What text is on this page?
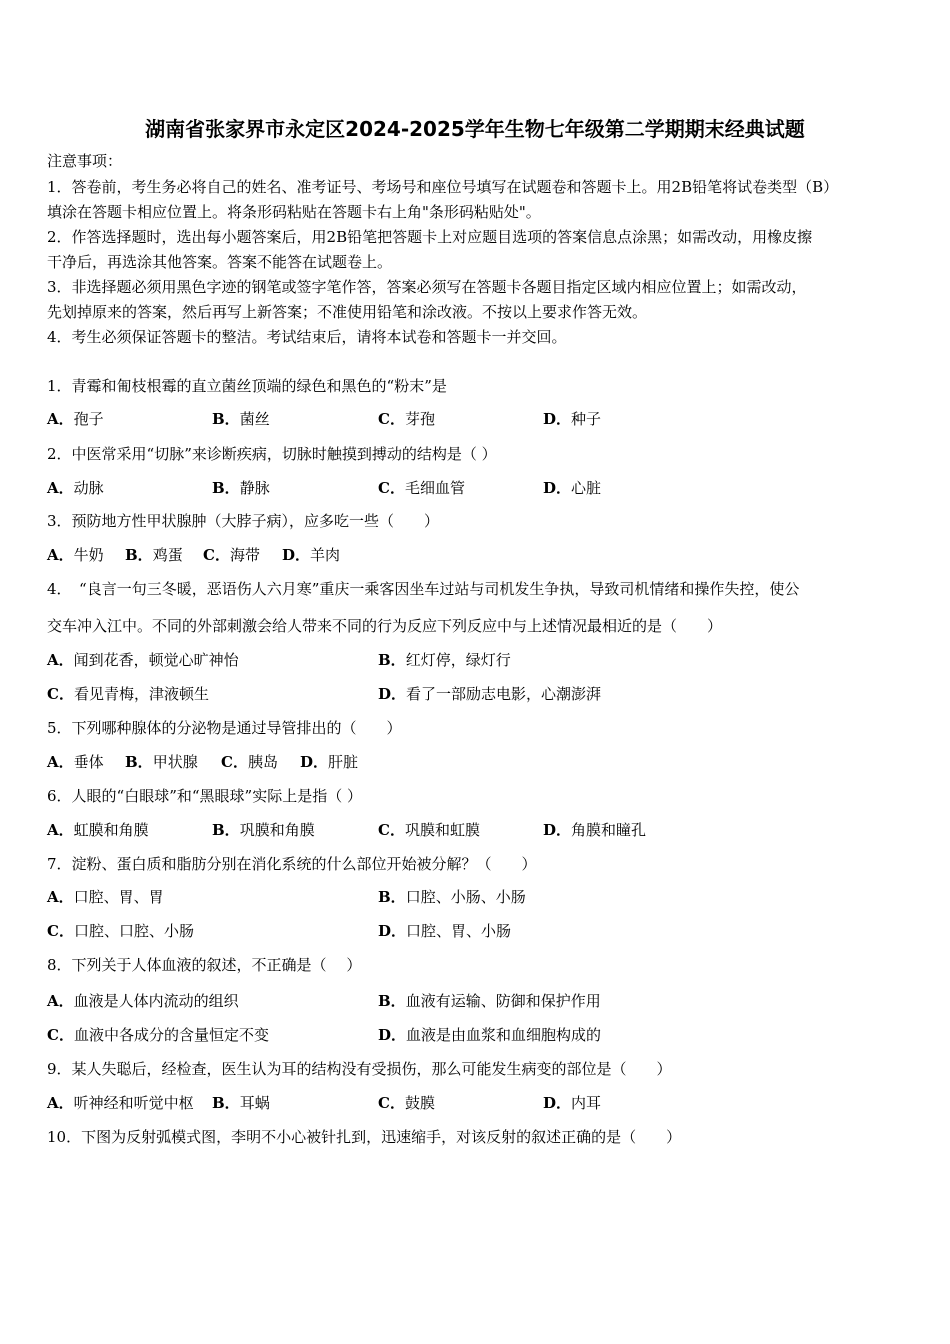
湖南省张家界市永定区2024-2025学年生物七年级第二学期期末经典试题
注意事项：
1．答卷前，考生务必将自己的姓名、准考证号、考场号和座位号填写在试题卷和答题卡上。用2B铅笔将试卷类型（B）
填涂在答题卡相应位置上。将条形码粘贴在答题卡右上角"条形码粘贴处"。
2．作答选择题时，选出每小题答案后，用2B铅笔把答题卡上对应题目选项的答案信息点涂黑；如需改动，用橡皮擦
干净后，再选涂其他答案。答案不能答在试题卷上。
3．非选择题必须用黑色字迹的钢笔或签字笔作答，答案必须写在答题卡各题目指定区域内相应位置上；如需改动，
先划掉原来的答案，然后再写上新答案；不准使用铅笔和涂改液。不按以上要求作答无效。
4．考生必须保证答题卡的整洁。考试结束后，请将本试卷和答题卡一并交回。
1．青霉和匍枝根霉的直立菌丝顶端的绿色和黑色的“粉末”是
A．孢子	B．菌丝	C．芽孢	D．种子
2．中医常采用“切脉”来诊断疾病，切脉时触摸到搏动的结构是（ ）
A．动脉	B．静脉	C．毛细血管	D．心脏
3．预防地方性甲状腺肿（大脖子病），应多吃一些（　　）
A．牛奶 B．鸡蛋 C．海带 D．羊肉
4．　“良言一句三冬暖，恶语伤人六月寒”重庆一乘客因坐车过站与司机发生争执，导致司机情绪和操作失控，使公
交车冲入江中。不同的外部刺激会给人带来不同的行为反应下列反应中与上述情况最相近的是（　　）
A．闻到花香，顿觉心旷神怡	B．红灯停，绿灯行
C．看见青梅，津液顿生	D．看了一部励志电影，心潮澎湃
5．下列哪种腺体的分泌物是通过导管排出的（　　）
A．垂体 B．甲状腺 C．胰岛 D．肝脏
6．人眼的“白眼球”和“黑眼球”实际上是指（ ）
A．虹膜和角膜	B．巩膜和角膜	C．巩膜和虹膜	D．角膜和瞳孔
7．淀粉、蛋白质和脂肪分别在消化系统的什么部位开始被分解？（　　）
A．口腔、胃、胃	B．口腔、小肠、小肠
C．口腔、口腔、小肠	D．口腔、胃、小肠
8．下列关于人体血液的叙述，不正确是（　 ）
A．血液是人体内流动的组织	B．血液有运输、防御和保护作用
C．血液中各成分的含量恒定不变	D．血液是由血浆和血细胞构成的
9．某人失聪后，经检查，医生认为耳的结构没有受损伤，那么可能发生病变的部位是（　　）
A．听神经和听觉中枢 B．耳蜗	C．鼓膜	D．内耳
10．下图为反射弧模式图，李明不小心被针扎到，迅速缩手，对该反射的叙述正确的是（　　）
